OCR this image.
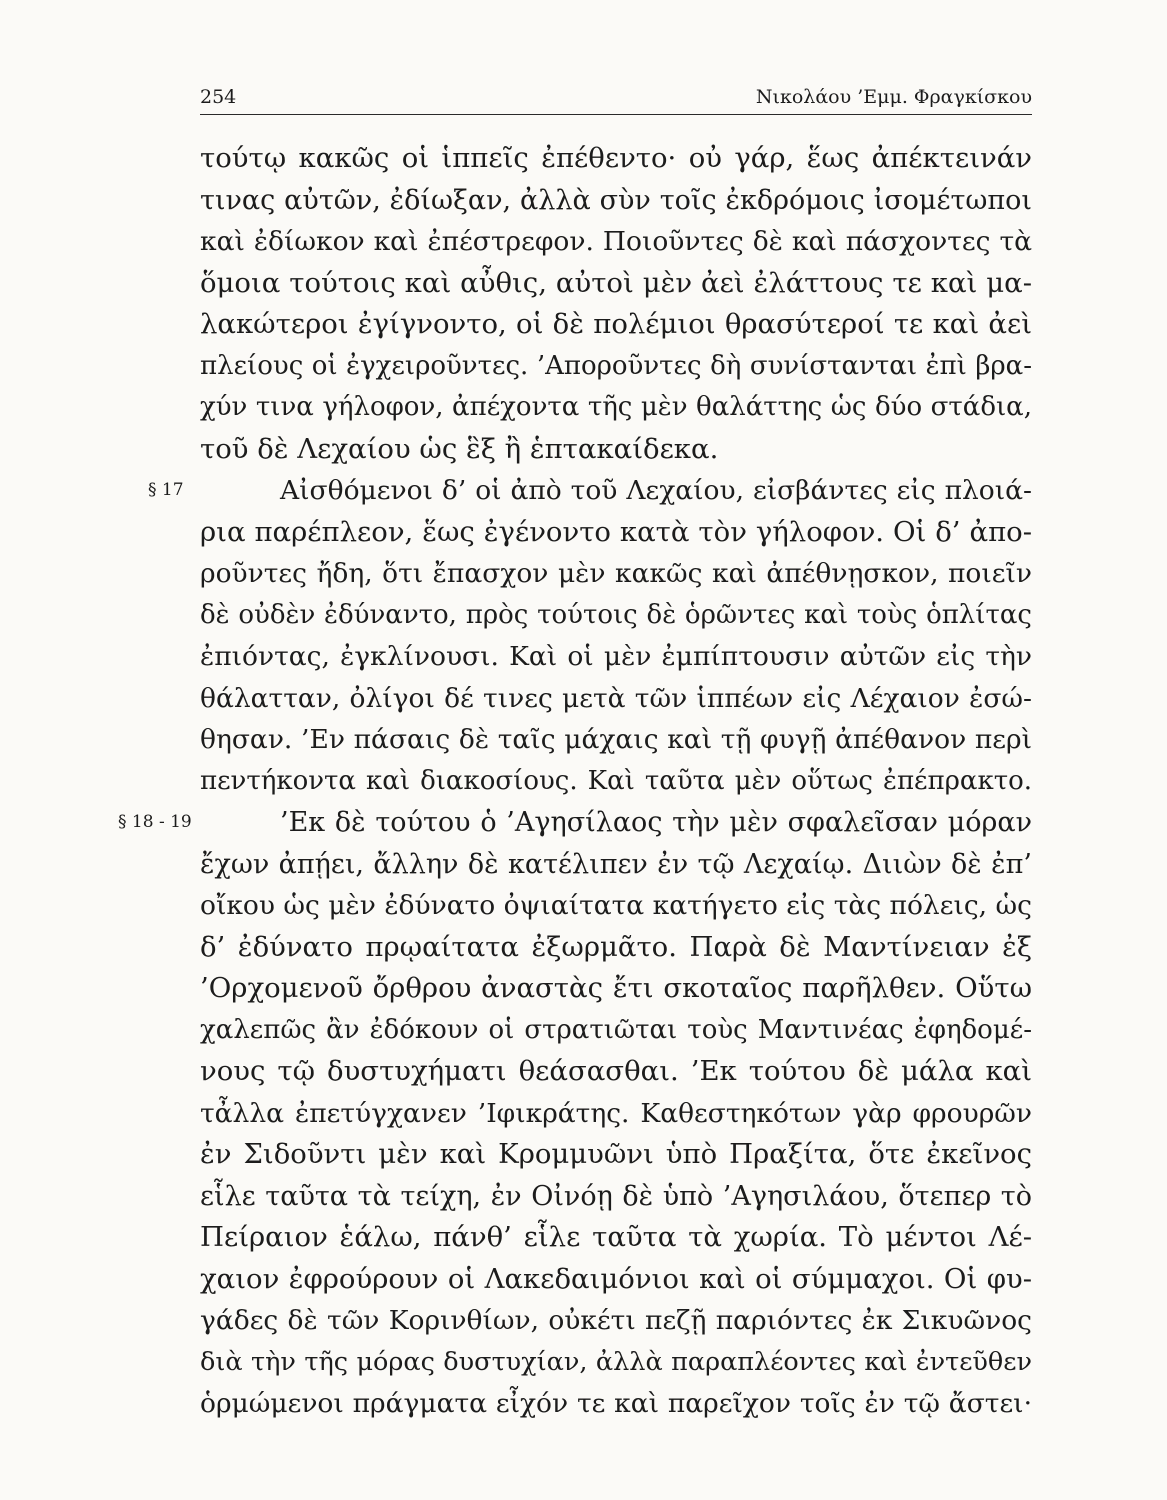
254	Νικολάου ’Εμμ. Φραγκίσκου
§ 17
§ 18 - 19
τούτῳ κακῶς οἱ ἱππεῖς ἐπέθεντο· οὐ γάρ, ἕως ἀπέκτεινάν
τινας αὐτῶν, ἐδίωξαν, ἀλλὰ σὺν τοῖς ἐκδρόμοις ἰσομέτωποι
καὶ ἐδίωκον καὶ ἐπέστρεφον. Ποιοῦντες δὲ καὶ πάσχοντες τὰ
ὅμοια τούτοις καὶ αὖθις, αὐτοὶ μὲν ἀεὶ ἐλάττους τε καὶ μα-
λακώτεροι ἐγίγνοντο, οἱ δὲ πολέμιοι θρασύτεροί τε καὶ ἀεὶ
πλείους οἱ ἐγχειροῦντες. ’Απορoῦντες δὴ συνίστανται ἐπὶ βρα-
χύν τινα γήλοφον, ἀπέχοντα τῆς μὲν θαλάττης ὡς δύο στάδια,
τοῦ δὲ Λεχαίου ὡς ἓξ ἢ ἑπτακαίδεκα.
Αἰσθόμενοι δ’ οἱ ἀπὸ τοῦ Λεχαίου, εἰσβάντες εἰς πλοιά-
ρια παρέπλεον, ἕως ἐγένοντο κατὰ τὸν γήλοφον. Οἱ δ’ ἀπο-
ροῦντες ἤδη, ὅτι ἔπασχον μὲν κακῶς καὶ ἀπέθνῃσκον, ποιεῖν
δὲ οὐδὲν ἐδύναντο, πρὸς τούτοις δὲ ὁρῶντες καὶ τοὺς ὁπλίτας
ἐπιόντας, ἐγκλίνουσι. Καὶ οἱ μὲν ἐμπίπτουσιν αὐτῶν εἰς τὴν
θάλατταν, ὀλίγοι δέ τινες μετὰ τῶν ἱππέων εἰς Λέχαιον ἐσώ-
θησαν. ’Εν πάσαις δὲ ταῖς μάχαις καὶ τῇ φυγῇ ἀπέθανον περὶ
πεντήκοντα καὶ διακοσίους. Καὶ ταῦτα μὲν οὕτως ἐπέπρακτο.
’Εκ δὲ τούτου ὁ ’Αγησίλαος τὴν μὲν σφαλεῖσαν μόραν
ἔχων ἀπῄει, ἄλλην δὲ κατέλιπεν ἐν τῷ Λεχαίῳ. Διιὼν δὲ ἐπ’
οἴκου ὡς μὲν ἐδύνατο ὀψιαίτατα κατήγετο εἰς τὰς πόλεις, ὡς
δ’ ἐδύνατο πρῳαίτατα ἐξωρμᾶτο. Παρὰ δὲ Μαντίνειαν ἐξ
’Ορχομενοῦ ὄρθρου ἀναστὰς ἔτι σκοταῖος παρῆλθεν. Οὕτω
χαλεπῶς ἂν ἐδόκουν οἱ στρατιῶται τοὺς Μαντινέας ἐφηδομέ-
νους τῷ δυστυχήματι θεάσασθαι. ’Εκ τούτου δὲ μάλα καὶ
τἆλλα ἐπετύγχανεν ’Ιφικράτης. Καθεστηκότων γὰρ φρουρῶν
ἐν Σιδοῦντι μὲν καὶ Κρομμυῶνι ὑπὸ Πραξίτα, ὅτε ἐκεῖνος
εἷλε ταῦτα τὰ τείχη, ἐν Οἰνόῃ δὲ ὑπὸ ’Αγησιλάου, ὅτεπερ τὸ
Πείραιον ἑάλω, πάνθ’ εἷλε ταῦτα τὰ χωρία. Τὸ μέντοι Λέ-
χαιον ἐφρούρουν οἱ Λακεδαιμόνιοι καὶ οἱ σύμμαχοι. Οἱ φυ-
γάδες δὲ τῶν Κορινθίων, οὐκέτι πεζῇ παριόντες ἐκ Σικυῶνος
διὰ τὴν τῆς μόρας δυστυχίαν, ἀλλὰ παραπλέοντες καὶ ἐντεῦθεν
ὁρμώμενοι πράγματα εἶχόν τε καὶ παρεῖχον τοῖς ἐν τῷ ἄστει·
